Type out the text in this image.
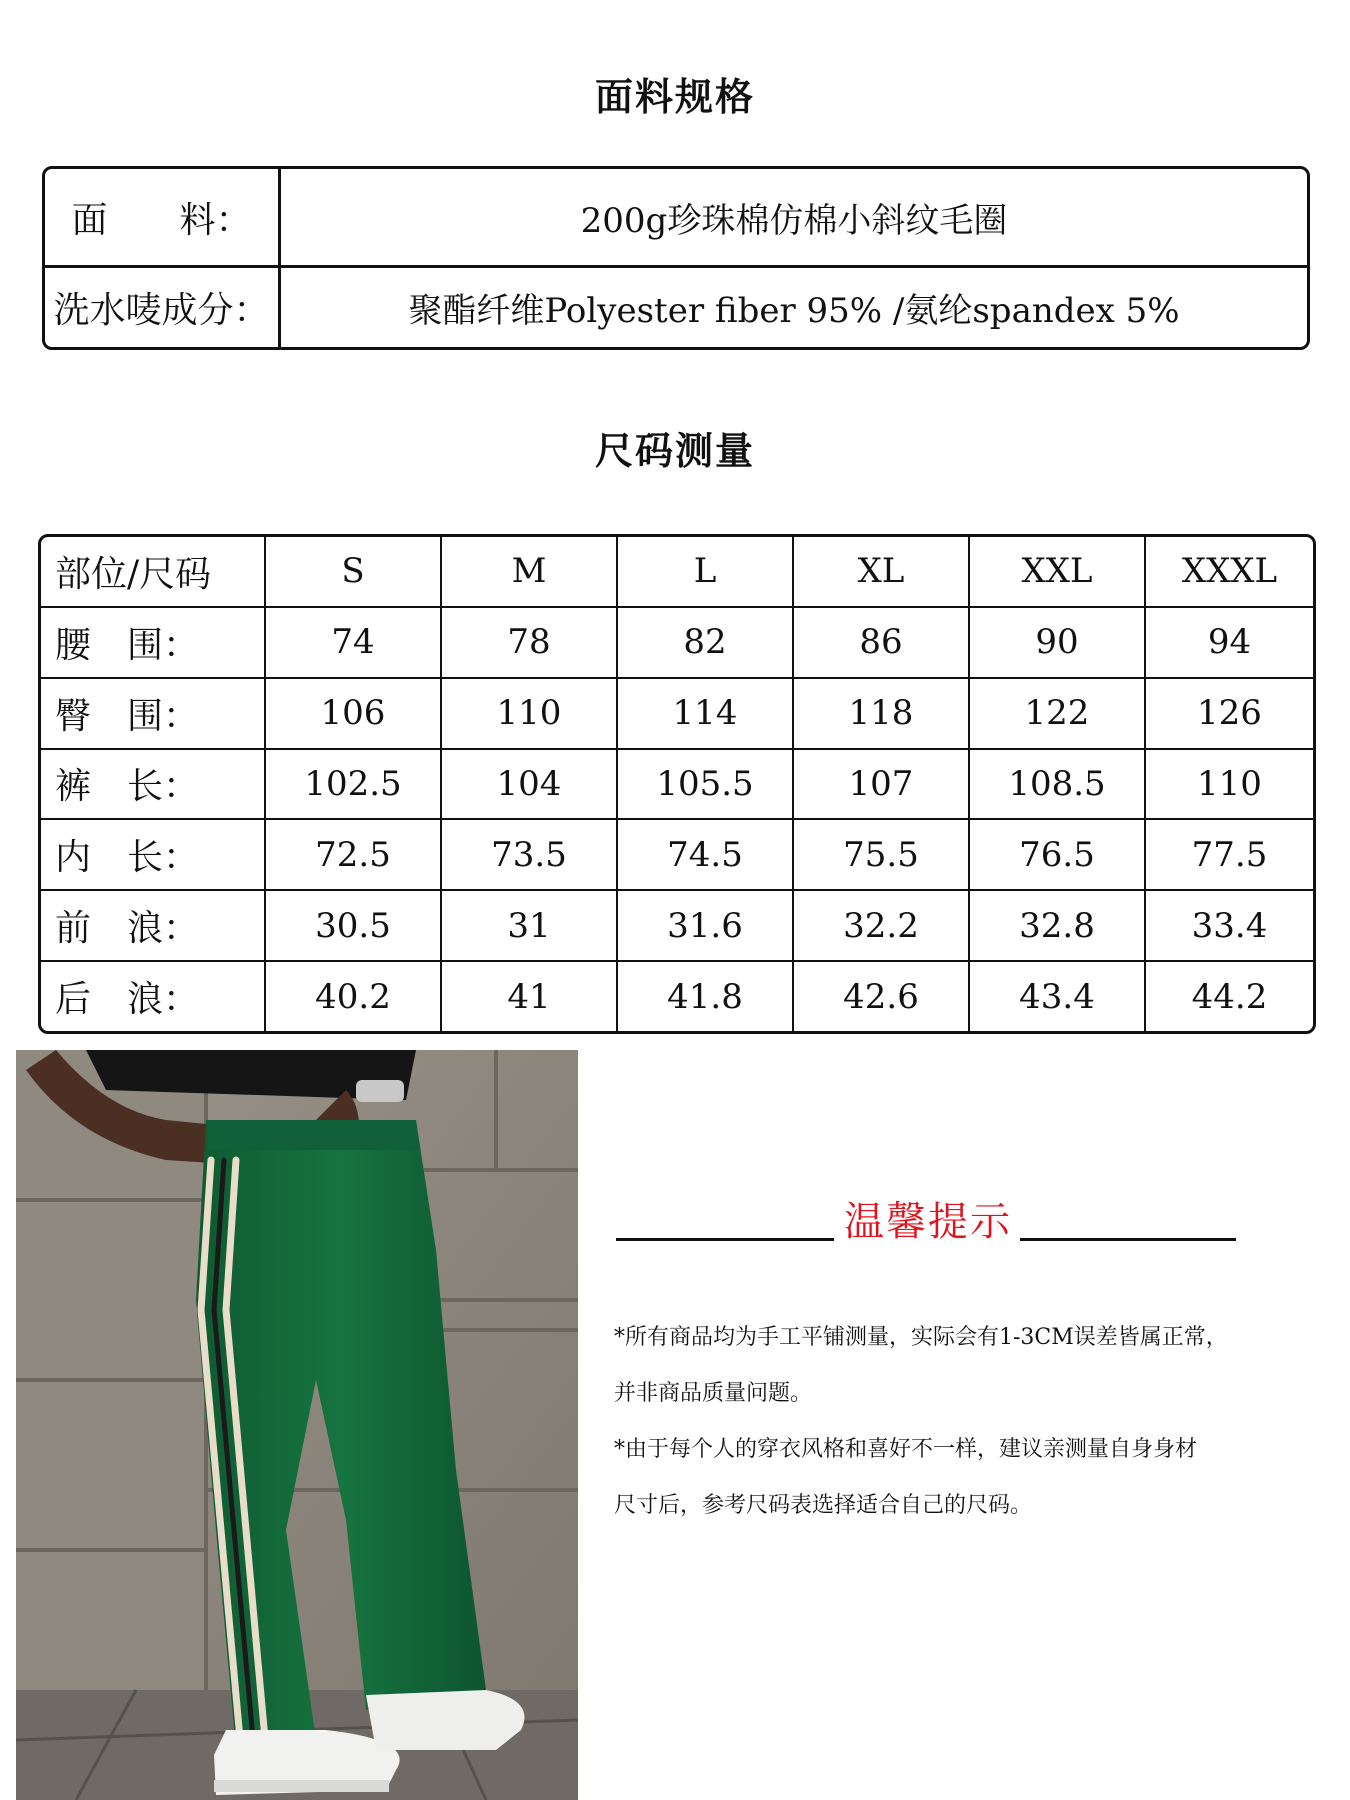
面料规格
面　　料：	200g珍珠棉仿棉小斜纹毛圈
洗水唛成分：	聚酯纤维Polyester fiber 95% /氨纶spandex 5%
尺码测量
部位/尺码	S	M	L	XL	XXL	XXXL
腰　围：	74	78	82	86	90	94
臀　围：	106	110	114	118	122	126
裤　长：	102.5	104	105.5	107	108.5	110
内　长：	72.5	73.5	74.5	75.5	76.5	77.5
前　浪：	30.5	31	31.6	32.2	32.8	33.4
后　浪：	40.2	41	41.8	42.6	43.4	44.2
温馨提示
*所有商品均为手工平铺测量，实际会有1-3CM误差皆属正常，
并非商品质量问题。
*由于每个人的穿衣风格和喜好不一样，建议亲测量自身身材
尺寸后，参考尺码表选择适合自己的尺码。
